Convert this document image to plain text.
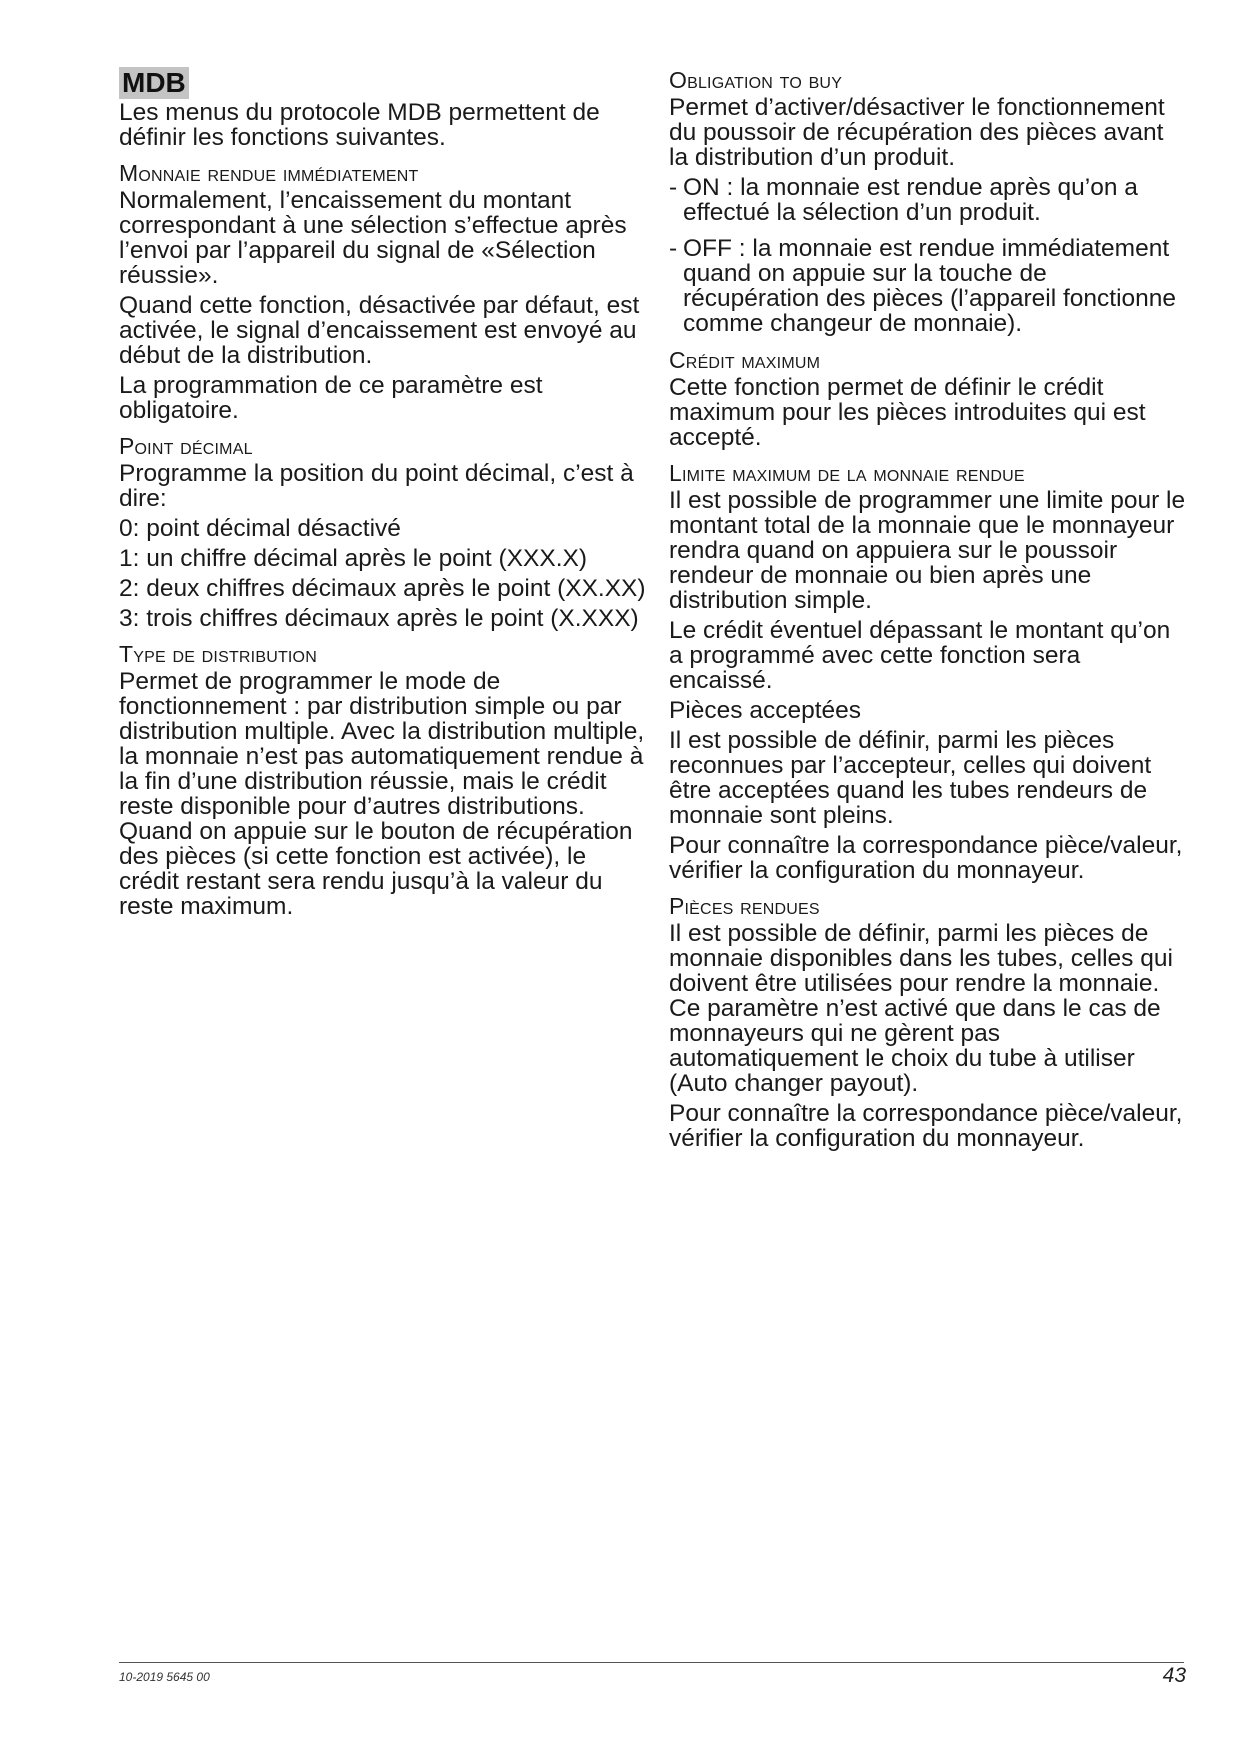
MDB

Les menus du protocole MDB permettent de définir les fonctions suivantes.

Monnaie rendue immédiatement

Normalement, l’encaissement du montant correspondant à une sélection s’effectue après l’envoi par l’appareil du signal de «Sélection réussie».

Quand cette fonction, désactivée par défaut, est activée, le signal d’encaissement est envoyé au début de la distribution.

La programmation de ce paramètre est obligatoire.

Point décimal

Programme la position du point décimal, c’est à dire:

0: point décimal désactivé

1: un chiffre décimal après le point (XXX.X)

2: deux chiffres décimaux après le point (XX.XX)

3: trois chiffres décimaux après le point (X.XXX)

Type de distribution

Permet de programmer le mode de fonctionnement : par distribution simple ou par distribution multiple. Avec la distribution multiple, la monnaie n’est pas automatiquement rendue à la fin d’une distribution réussie, mais le crédit reste disponible pour d’autres distributions. Quand on appuie sur le bouton de récupération des pièces (si cette fonction est activée), le crédit restant sera rendu jusqu’à la valeur du reste maximum.

Obligation to buy

Permet d’activer/désactiver le fonctionnement du poussoir de récupération des pièces avant la distribution d’un produit.

- ON : la monnaie est rendue après qu’on a effectué la sélection d’un produit.
- OFF : la monnaie est rendue immédiatement quand on appuie sur la touche de récupération des pièces (l’appareil fonctionne comme changeur de monnaie).
Crédit maximum

Cette fonction permet de définir le crédit maximum pour les pièces introduites qui est accepté.

Limite maximum de la monnaie rendue

Il est possible de programmer une limite pour le montant total de la monnaie que le monnayeur rendra quand on appuiera sur le poussoir rendeur de monnaie ou bien après une distribution simple.

Le crédit éventuel dépassant le montant qu’on a programmé avec cette fonction sera encaissé.

Pièces acceptées

Il est possible de définir, parmi les pièces reconnues par l’accepteur, celles qui doivent être acceptées quand les tubes rendeurs de monnaie sont pleins.

Pour connaître la correspondance pièce/valeur, vérifier la configuration du monnayeur.

Pièces rendues

Il est possible de définir, parmi les pièces de monnaie disponibles dans les tubes, celles qui doivent être utilisées pour rendre la monnaie. Ce paramètre n’est activé que dans le cas de monnayeurs qui ne gèrent pas automatiquement le choix du tube à utiliser (Auto changer payout).

Pour connaître la correspondance pièce/valeur, vérifier la configuration du monnayeur.

10-2019 5645 00	43
